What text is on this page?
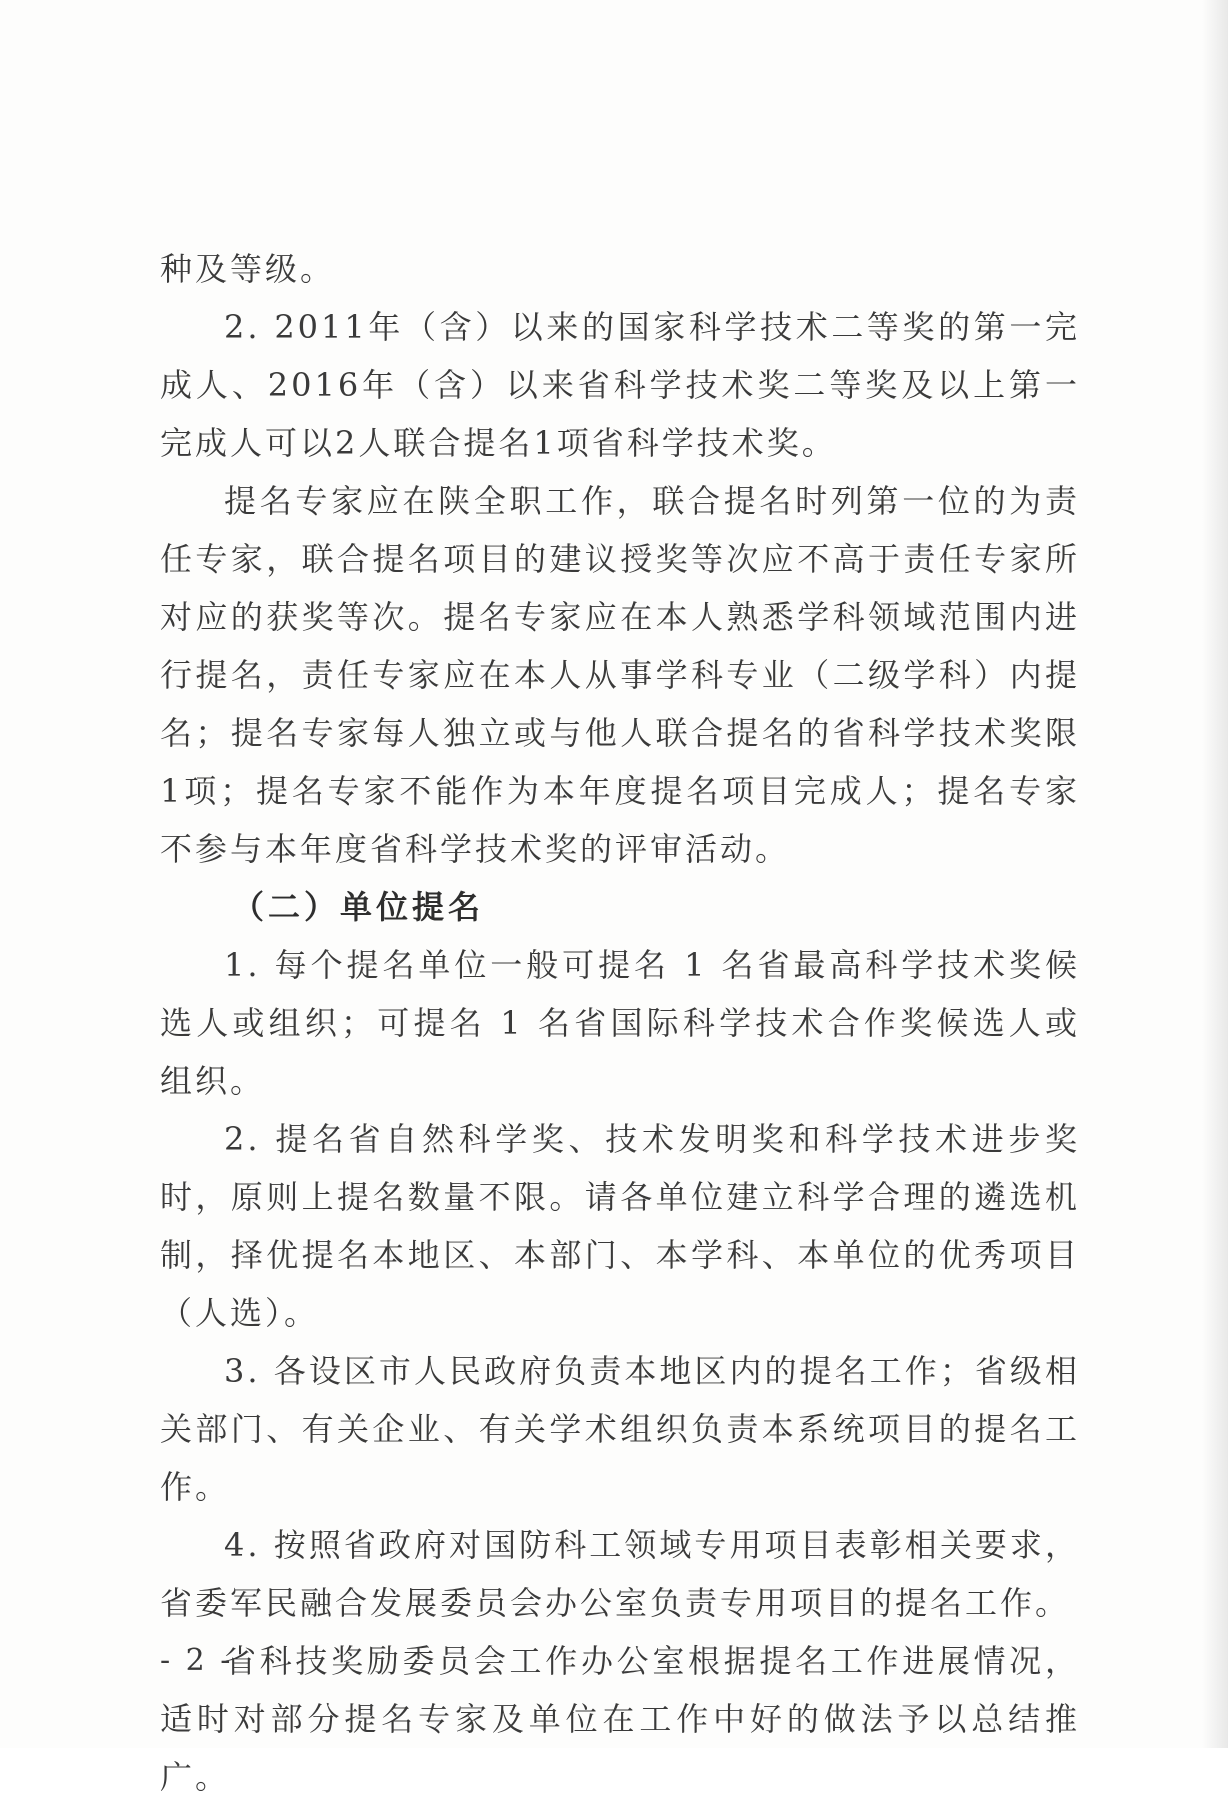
种及等级。

2. 2011年（含）以来的国家科学技术二等奖的第一完成人、2016年（含）以来省科学技术奖二等奖及以上第一完成人可以2人联合提名1项省科学技术奖。

提名专家应在陕全职工作，联合提名时列第一位的为责任专家，联合提名项目的建议授奖等次应不高于责任专家所对应的获奖等次。提名专家应在本人熟悉学科领域范围内进行提名，责任专家应在本人从事学科专业（二级学科）内提名；提名专家每人独立或与他人联合提名的省科学技术奖限1项；提名专家不能作为本年度提名项目完成人；提名专家不参与本年度省科学技术奖的评审活动。

（二）单位提名

1. 每个提名单位一般可提名 1 名省最高科学技术奖候选人或组织；可提名 1 名省国际科学技术合作奖候选人或组织。

2. 提名省自然科学奖、技术发明奖和科学技术进步奖时，原则上提名数量不限。请各单位建立科学合理的遴选机制，择优提名本地区、本部门、本学科、本单位的优秀项目（人选）。

3. 各设区市人民政府负责本地区内的提名工作；省级相关部门、有关企业、有关学术组织负责本系统项目的提名工作。

4. 按照省政府对国防科工领域专用项目表彰相关要求，省委军民融合发展委员会办公室负责专用项目的提名工作。

省科技奖励委员会工作办公室根据提名工作进展情况，适时对部分提名专家及单位在工作中好的做法予以总结推广。

- 2 -
